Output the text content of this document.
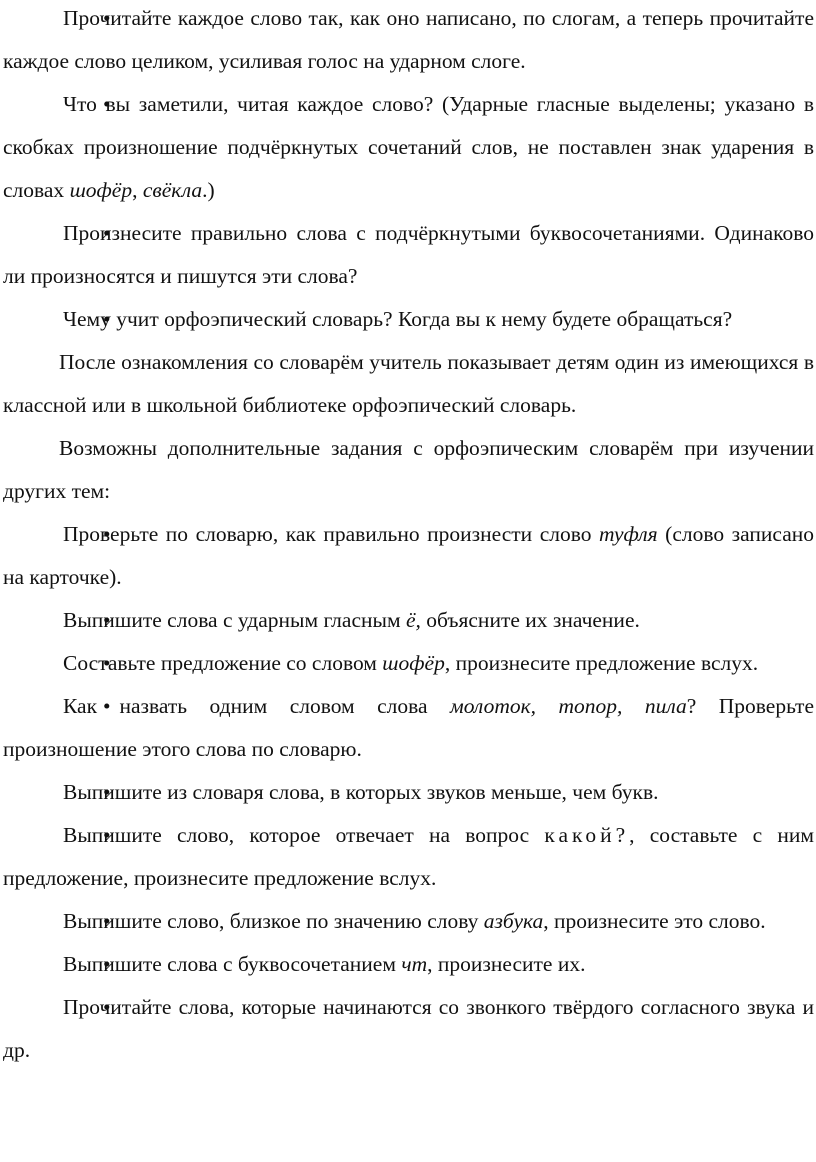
• Прочитайте каждое слово так, как оно написано, по слогам, а теперь прочитайте каждое слово целиком, усиливая голос на ударном слоге.

• Что вы заметили, читая каждое слово? (Ударные гласные выделены; указано в скобках произношение подчёркнутых сочетаний слов, не поставлен знак ударения в словах шофёр, свёкла.)

• Произнесите правильно слова с подчёркнутыми буквосочетаниями. Одинаково ли произносятся и пишутся эти слова?

• Чему учит орфоэпический словарь? Когда вы к нему будете обращаться?

После ознакомления со словарём учитель показывает детям один из имеющихся в классной или в школьной библиотеке орфоэпический словарь.

Возможны дополнительные задания с орфоэпическим словарём при изучении других тем:

• Проверьте по словарю, как правильно произнести слово туфля (слово записано на карточке).

• Выпишите слова с ударным гласным ё, объясните их значение.

• Составьте предложение со словом шофёр, произнесите предложение вслух.

• Как назвать одним словом слова молоток, топор, пила? Проверьте произношение этого слова по словарю.

• Выпишите из словаря слова, в которых звуков меньше, чем букв.

• Выпишите слово, которое отвечает на вопрос какой?, составьте с ним предложение, произнесите предложение вслух.

• Выпишите слово, близкое по значению слову азбука, произнесите это слово.

• Выпишите слова с буквосочетанием чт, произнесите их.

• Прочитайте слова, которые начинаются со звонкого твёрдого согласного звука и др.
